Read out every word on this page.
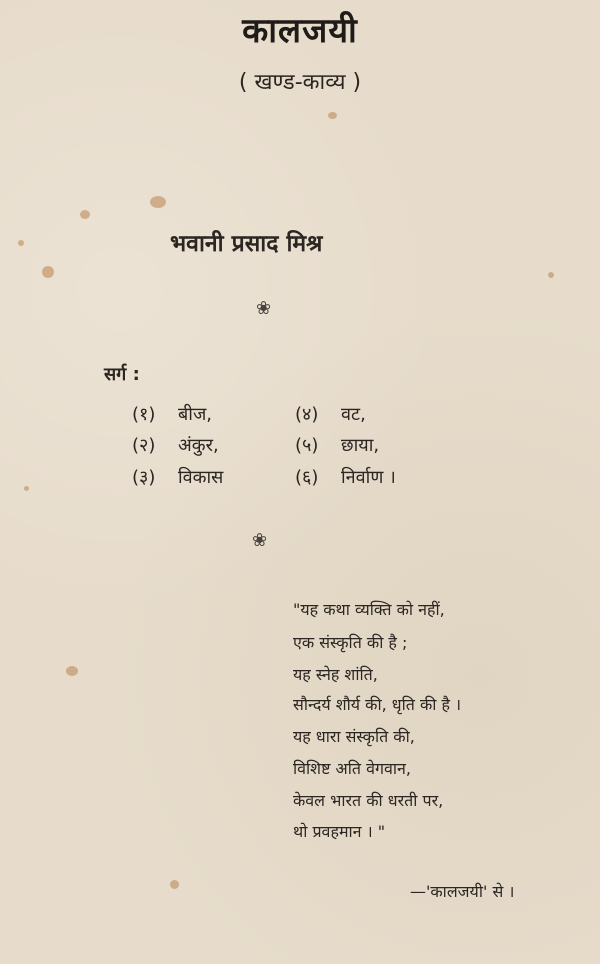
कालजयी
( खण्ड-काव्य )
भवानी प्रसाद मिश्र
❀
सर्ग :
(१) बीज,
(२) अंकुर,
(३) विकास
(४) वट,
(५) छाया,
(६) निर्वाण ।
❀
"यह कथा व्यक्ति को नहीं,
एक संस्कृति की है ;
यह स्नेह शांति,
सौन्दर्य शौर्य की, धृति की है ।
यह धारा संस्कृति की,
विशिष्ट अति वेगवान,
केवल भारत की धरती पर,
थो प्रवहमान । "
—'कालजयी' से ।
